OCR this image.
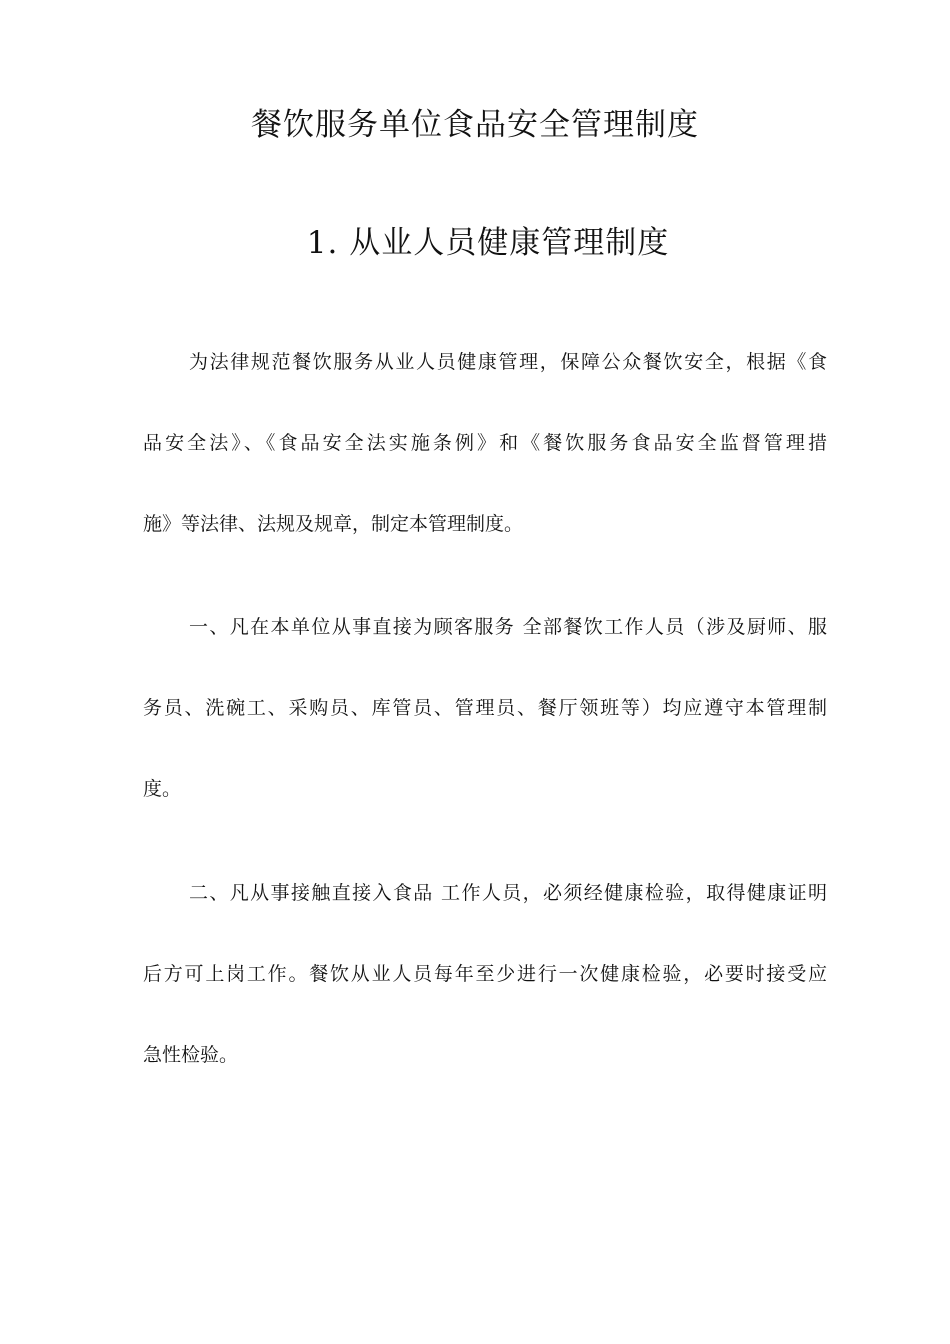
餐饮服务单位食品安全管理制度
1. 从业人员健康管理制度

为法律规范餐饮服务从业人员健康管理，保障公众餐饮安全，根据《食
品安全法》、《食品安全法实施条例》和《餐饮服务食品安全监督管理措
施》等法律、法规及规章，制定本管理制度。

一、凡在本单位从事直接为顾客服务 全部餐饮工作人员（涉及厨师、服
务员、洗碗工、采购员、库管员、管理员、餐厅领班等）均应遵守本管理制
度。

二、凡从事接触直接入食品 工作人员，必须经健康检验，取得健康证明
后方可上岗工作。餐饮从业人员每年至少进行一次健康检验，必要时接受应
急性检验。
